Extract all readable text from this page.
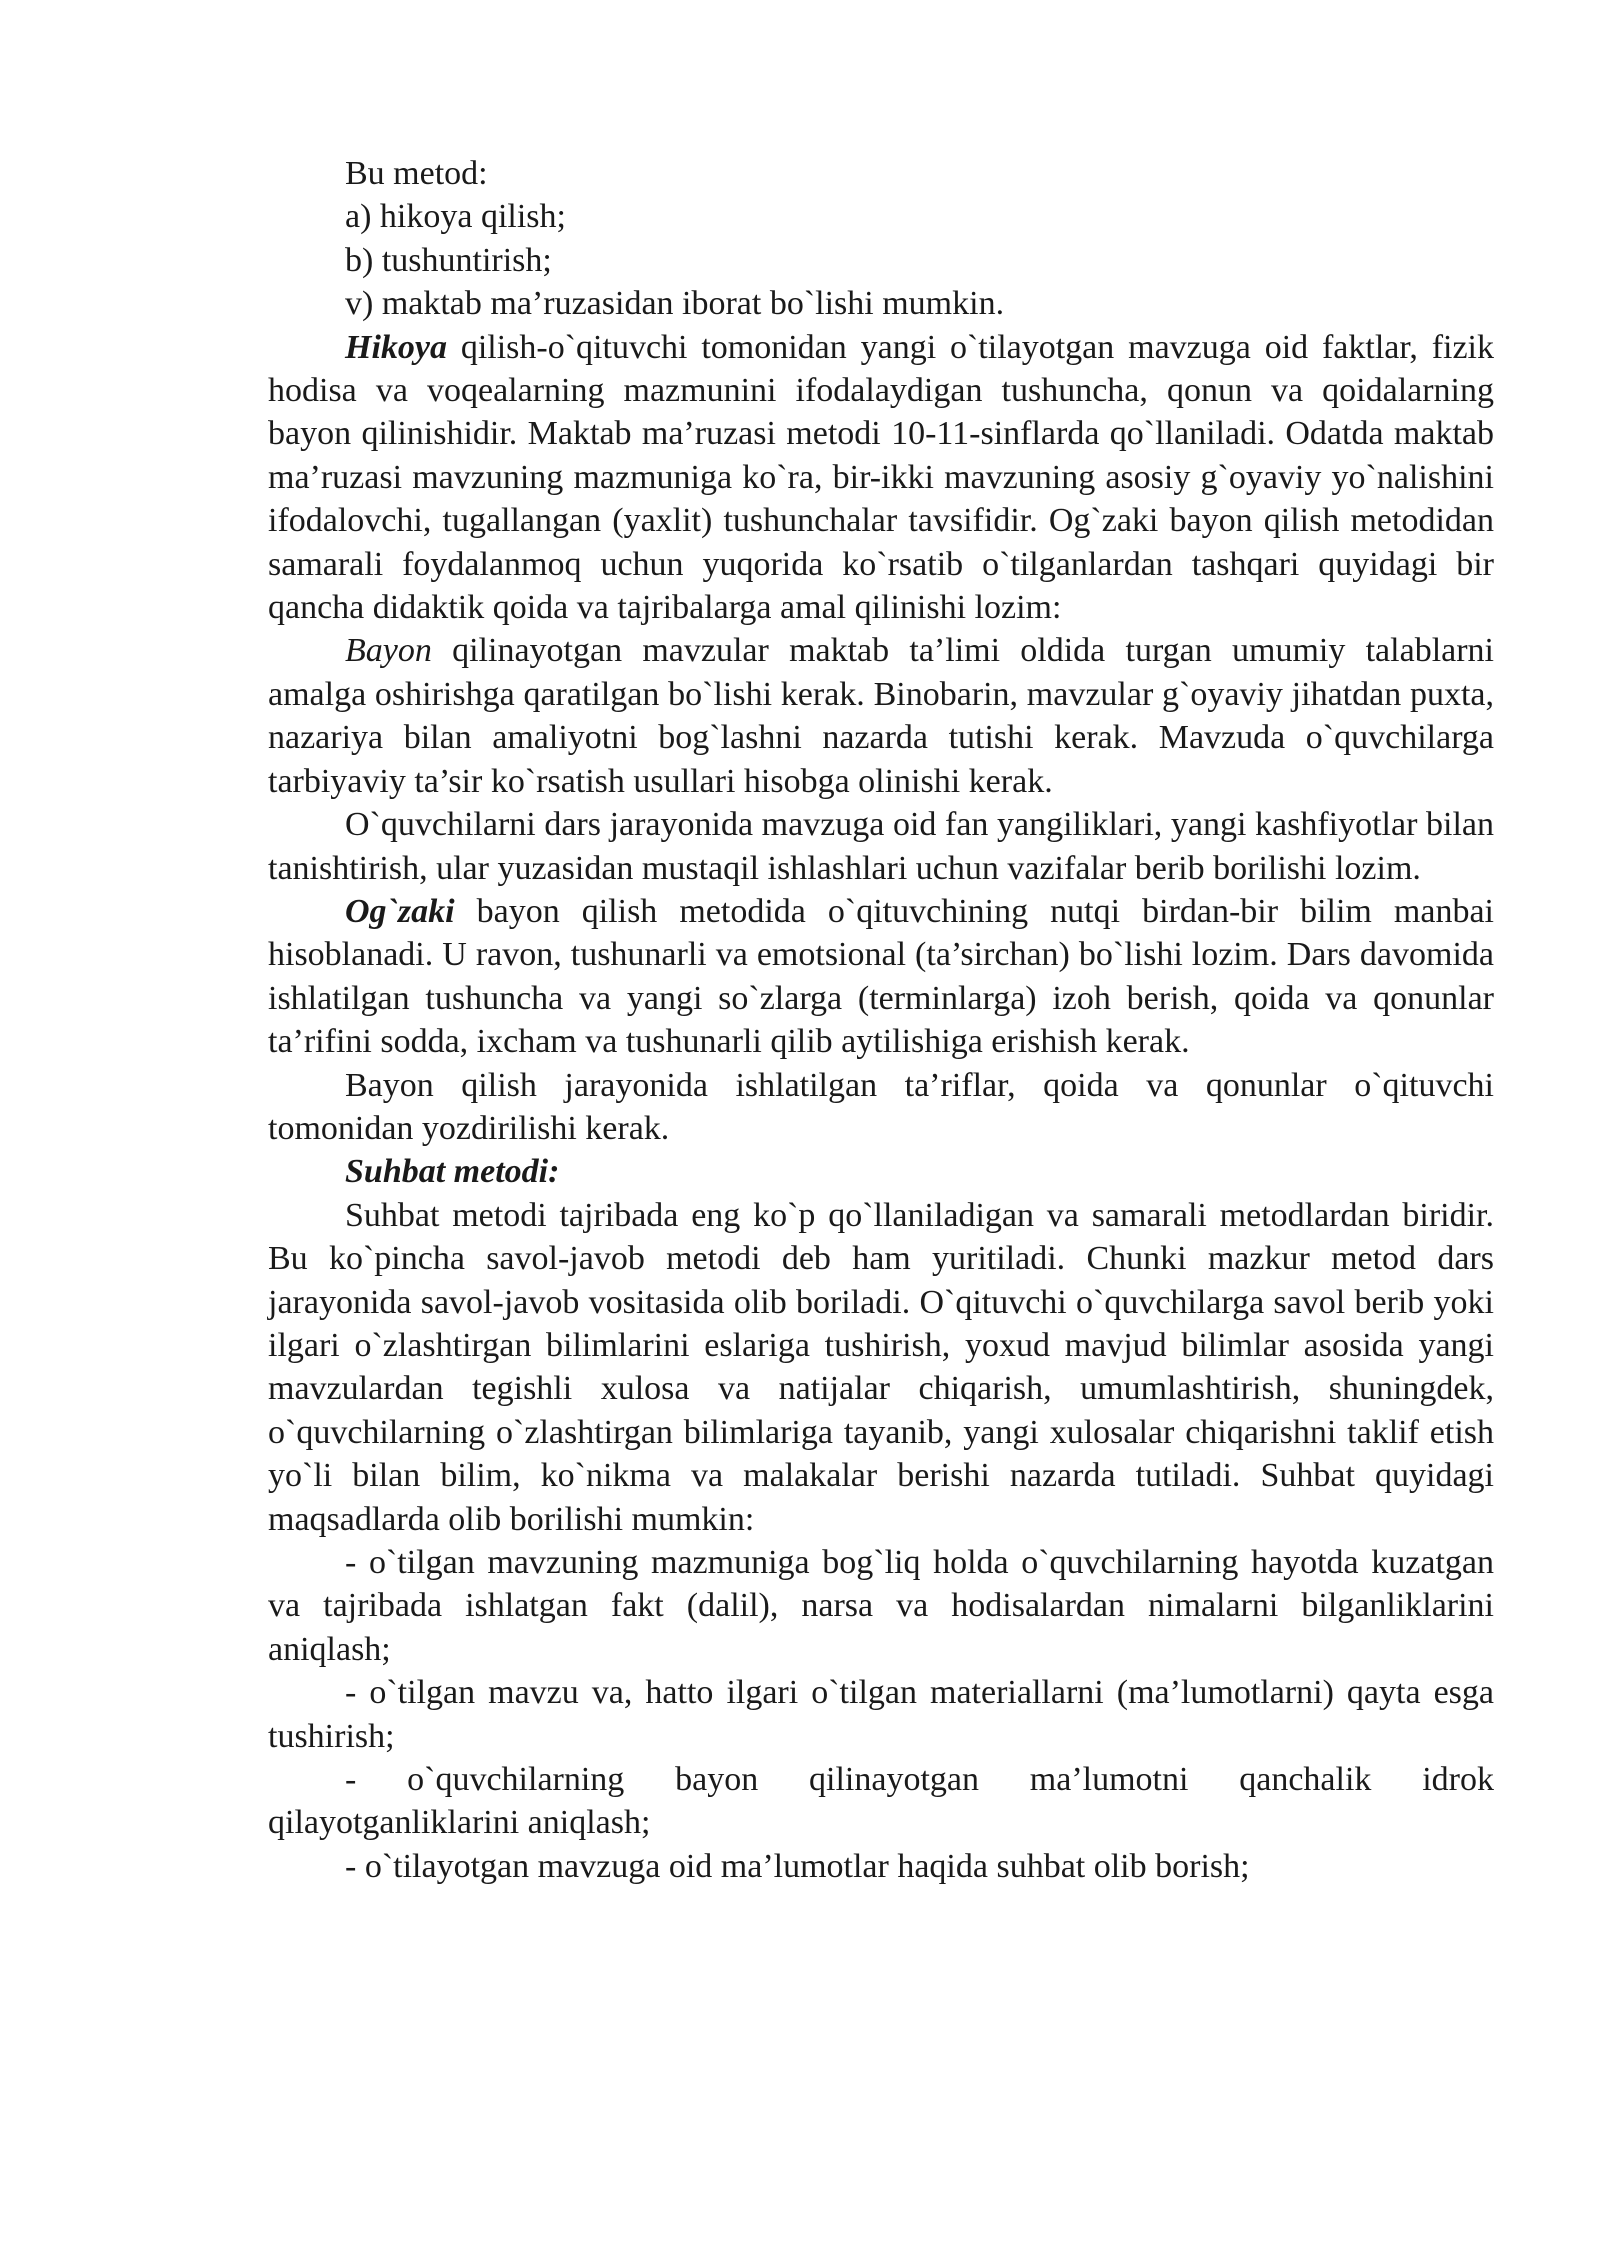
Bu metod:

a) hikoya qilish;

b) tushuntirish;

v) maktab ma’ruzasidan iborat bo`lishi mumkin.

Hikoya qilish-o`qituvchi tomonidan yangi o`tilayotgan mavzuga oid faktlar, fizik hodisa va voqealarning mazmunini ifodalaydigan tushuncha, qonun va qoidalarning bayon qilinishidir. Maktab ma’ruzasi metodi 10-11-sinflarda qo`llaniladi. Odatda maktab ma’ruzasi mavzuning mazmuniga ko`ra, bir-ikki mavzuning asosiy g`oyaviy yo`nalishini ifodalovchi, tugallangan (yaxlit) tushunchalar tavsifidir. Og`zaki bayon qilish metodidan samarali foydalanmoq uchun yuqorida ko`rsatib o`tilganlardan tashqari quyidagi bir qancha didaktik qoida va tajribalarga amal qilinishi lozim:

Bayon qilinayotgan mavzular maktab ta’limi oldida turgan umumiy talablarni amalga oshirishga qaratilgan bo`lishi kerak. Binobarin, mavzular g`oyaviy jihatdan puxta, nazariya bilan amaliyotni bog`lashni nazarda tutishi kerak. Mavzuda o`quvchilarga tarbiyaviy ta’sir ko`rsatish usullari hisobga olinishi kerak.

O`quvchilarni dars jarayonida mavzuga oid fan yangiliklari, yangi kashfiyotlar bilan tanishtirish, ular yuzasidan mustaqil ishlashlari uchun vazifalar berib borilishi lozim.

Og`zaki bayon qilish metodida o`qituvchining nutqi birdan-bir bilim manbai hisoblanadi. U ravon, tushunarli va emotsional (ta’sirchan) bo`lishi lozim. Dars davomida ishlatilgan tushuncha va yangi so`zlarga (terminlarga) izoh berish, qoida va qonunlar ta’rifini sodda, ixcham va tushunarli qilib aytilishiga erishish kerak.

Bayon qilish jarayonida ishlatilgan ta’riflar, qoida va qonunlar o`qituvchi tomonidan yozdirilishi kerak.

Suhbat metodi:

Suhbat metodi tajribada eng ko`p qo`llaniladigan va samarali metodlardan biridir. Bu ko`pincha savol-javob metodi deb ham yuritiladi. Chunki mazkur metod dars jarayonida savol-javob vositasida olib boriladi. O`qituvchi o`quvchilarga savol berib yoki ilgari o`zlashtirgan bilimlarini eslariga tushirish, yoxud mavjud bilimlar asosida yangi mavzulardan tegishli xulosa va natijalar chiqarish, umumlashtirish, shuningdek, o`quvchilarning o`zlashtirgan bilimlariga tayanib, yangi xulosalar chiqarishni taklif etish yo`li bilan bilim, ko`nikma va malakalar berishi nazarda tutiladi. Suhbat quyidagi maqsadlarda olib borilishi mumkin:

- o`tilgan mavzuning mazmuniga bog`liq holda o`quvchilarning hayotda kuzatgan va tajribada ishlatgan fakt (dalil), narsa va hodisalardan nimalarni bilganliklarini aniqlash;

- o`tilgan mavzu va, hatto ilgari o`tilgan materiallarni (ma’lumotlarni) qayta esga tushirish;

- o`quvchilarning bayon qilinayotgan ma’lumotni qanchalik idrok qilayotganliklarini aniqlash;

- o`tilayotgan mavzuga oid ma’lumotlar haqida suhbat olib borish;
